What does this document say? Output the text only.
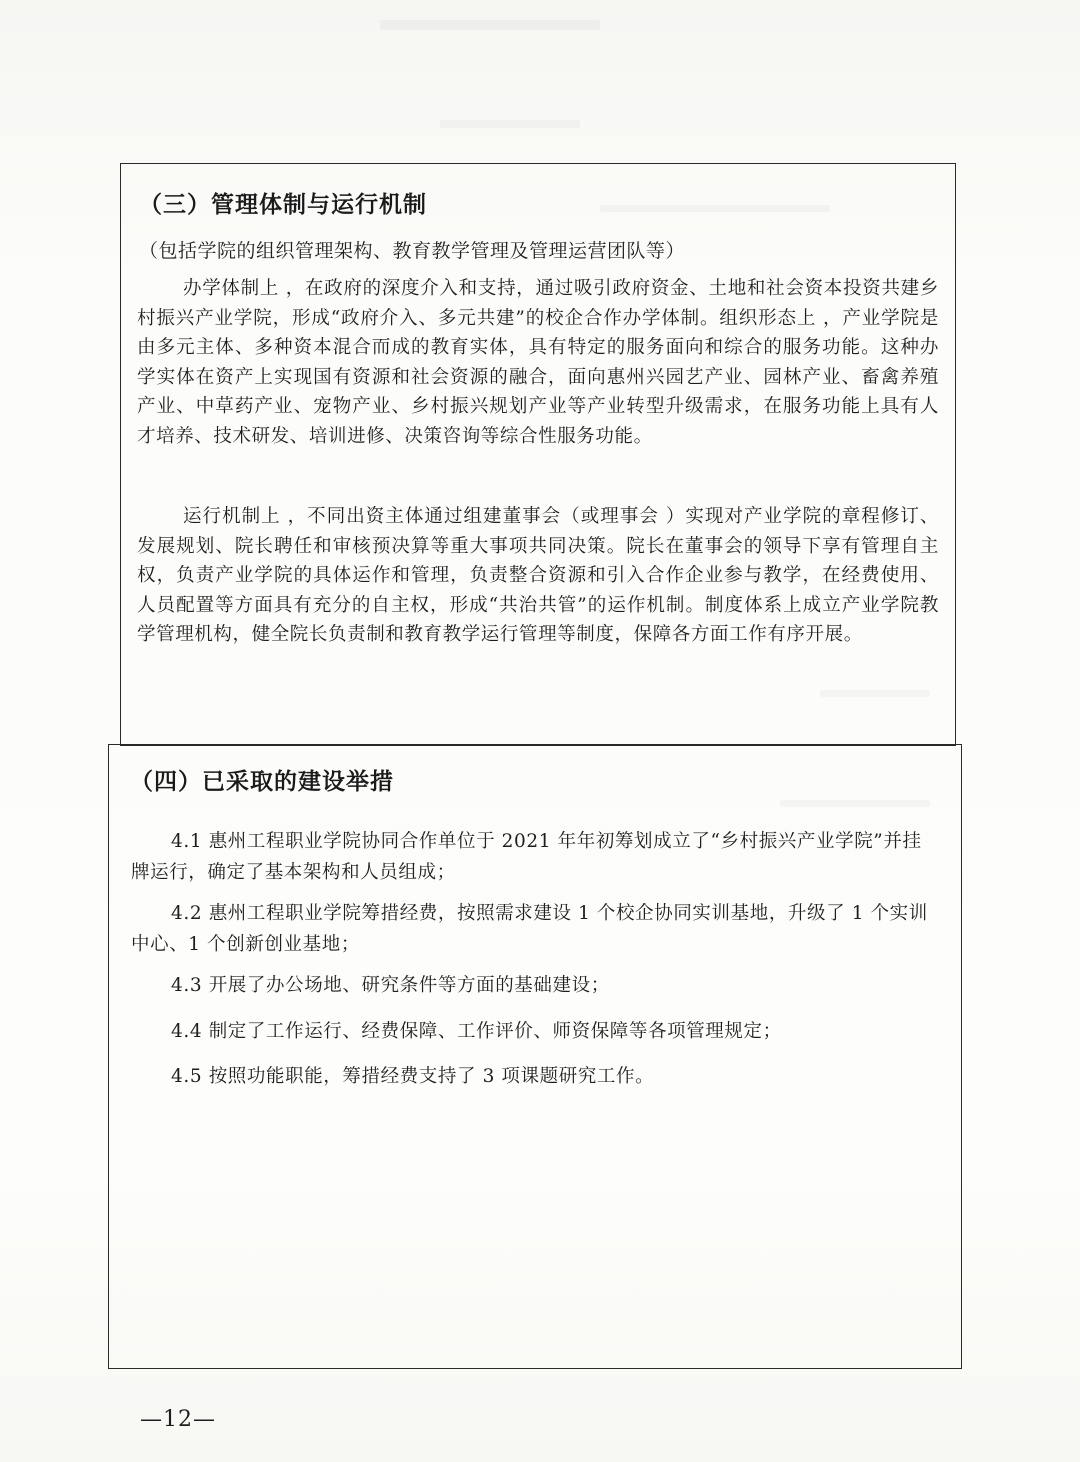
（三）管理体制与运行机制
（包括学院的组织管理架构、教育教学管理及管理运营团队等）
办学体制上 ，在政府的深度介入和支持，通过吸引政府资金、土地和社会资本投资共建乡村振兴产业学院，形成“政府介入、多元共建”的校企合作办学体制。组织形态上 ，产业学院是由多元主体、多种资本混合而成的教育实体，具有特定的服务面向和综合的服务功能。这种办学实体在资产上实现国有资源和社会资源的融合，面向惠州兴园艺产业、园林产业、畜禽养殖产业、中草药产业、宠物产业、乡村振兴规划产业等产业转型升级需求，在服务功能上具有人才培养、技术研发、培训进修、决策咨询等综合性服务功能。
运行机制上 ，不同出资主体通过组建董事会（或理事会 ）实现对产业学院的章程修订、发展规划、院长聘任和审核预决算等重大事项共同决策。院长在董事会的领导下享有管理自主权，负责产业学院的具体运作和管理，负责整合资源和引入合作企业参与教学，在经费使用、人员配置等方面具有充分的自主权，形成“共治共管”的运作机制。制度体系上成立产业学院教学管理机构，健全院长负责制和教育教学运行管理等制度，保障各方面工作有序开展。
（四）已采取的建设举措
4.1 惠州工程职业学院协同合作单位于 2021 年年初筹划成立了“乡村振兴产业学院”并挂牌运行，确定了基本架构和人员组成；
4.2 惠州工程职业学院筹措经费，按照需求建设 1 个校企协同实训基地，升级了 1 个实训中心、1 个创新创业基地；
4.3 开展了办公场地、研究条件等方面的基础建设；
4.4 制定了工作运行、经费保障、工作评价、师资保障等各项管理规定；
4.5 按照功能职能，筹措经费支持了 3 项课题研究工作。
—12—
